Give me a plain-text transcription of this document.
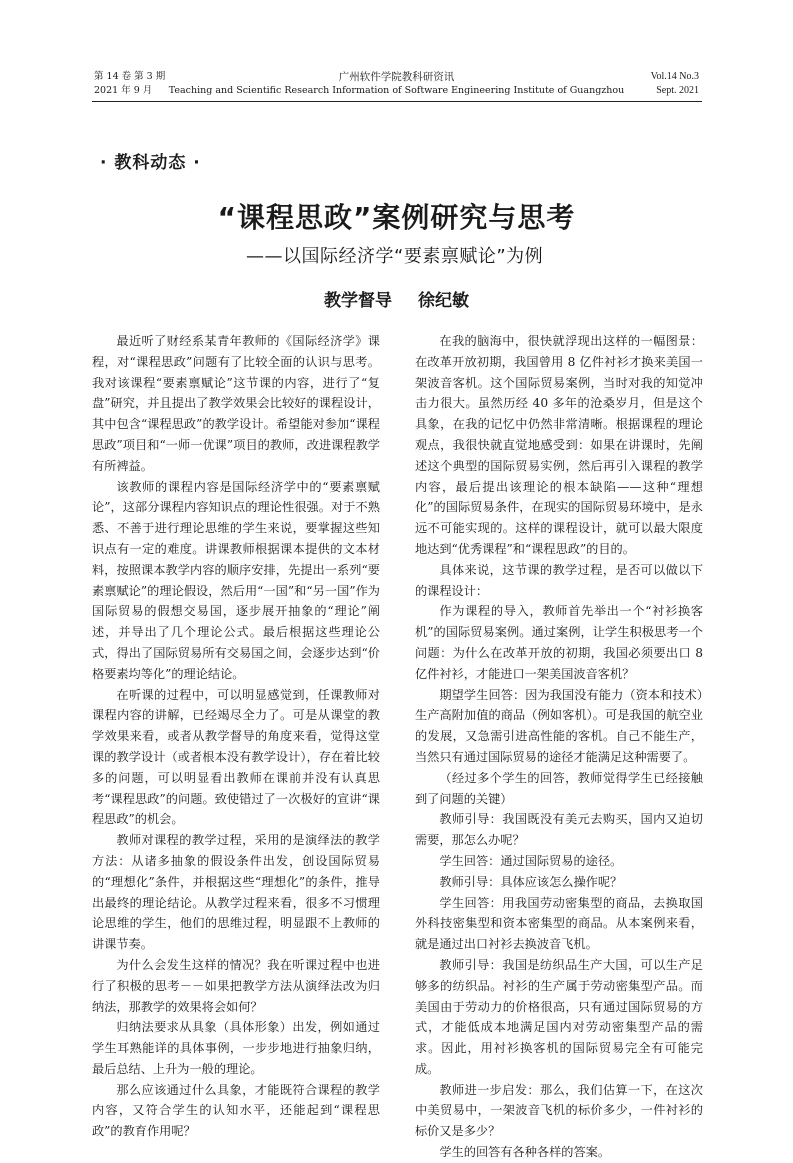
第 14 卷 第 3 期
2021 年 9 月
广州软件学院教科研资讯
Teaching and Scientific Research Information of Software Engineering Institute of Guangzhou
Vol.14 No.3
Sept. 2021
· 教科动态 ·
“课程思政”案例研究与思考
——以国际经济学“要素禀赋论”为例
教学督导 徐纪敏

最近听了财经系某青年教师的《国际经济学》课程，对“课程思政”问题有了比较全面的认识与思考。我对该课程“要素禀赋论”这节课的内容，进行了“复盘”研究，并且提出了教学效果会比较好的课程设计，其中包含“课程思政”的教学设计。希望能对参加“课程思政”项目和“一师一优课”项目的教师，改进课程教学有所裨益。

该教师的课程内容是国际经济学中的“要素禀赋论”，这部分课程内容知识点的理论性很强。对于不熟悉、不善于进行理论思维的学生来说，要掌握这些知识点有一定的难度。讲课教师根据课本提供的文本材料，按照课本教学内容的顺序安排，先提出一系列“要素禀赋论”的理论假设，然后用“一国”和“另一国”作为国际贸易的假想交易国，逐步展开抽象的“理论”阐述，并导出了几个理论公式。最后根据这些理论公式，得出了国际贸易所有交易国之间，会逐步达到“价格要素均等化”的理论结论。

在听课的过程中，可以明显感觉到，任课教师对课程内容的讲解，已经竭尽全力了。可是从课堂的教学效果来看，或者从教学督导的角度来看，觉得这堂课的教学设计（或者根本没有教学设计），存在着比较多的问题，可以明显看出教师在课前并没有认真思考“课程思政”的问题。致使错过了一次极好的宣讲“课程思政”的机会。

教师对课程的教学过程，采用的是演绎法的教学方法：从诸多抽象的假设条件出发，创设国际贸易的“理想化”条件，并根据这些“理想化”的条件，推导出最终的理论结论。从教学过程来看，很多不习惯理论思维的学生，他们的思维过程，明显跟不上教师的讲课节奏。

为什么会发生这样的情况？我在听课过程中也进行了积极的思考－－如果把教学方法从演绎法改为归纳法，那教学的效果将会如何？

归纳法要求从具象（具体形象）出发，例如通过学生耳熟能详的具体事例，一步步地进行抽象归纳，最后总结、上升为一般的理论。

那么应该通过什么具象，才能既符合课程的教学内容，又符合学生的认知水平，还能起到“课程思政”的教育作用呢？

在我的脑海中，很快就浮现出这样的一幅图景：在改革开放初期，我国曾用 8 亿件衬衫才换来美国一架波音客机。这个国际贸易案例，当时对我的知觉冲击力很大。虽然历经 40 多年的沧桑岁月，但是这个具象，在我的记忆中仍然非常清晰。根据课程的理论观点，我很快就直觉地感受到：如果在讲课时，先阐述这个典型的国际贸易实例，然后再引入课程的教学内容，最后提出该理论的根本缺陷——这种“理想化”的国际贸易条件，在现实的国际贸易环境中，是永远不可能实现的。这样的课程设计，就可以最大限度地达到“优秀课程”和“课程思政”的目的。

具体来说，这节课的教学过程，是否可以做以下的课程设计：

作为课程的导入，教师首先举出一个“衬衫换客机”的国际贸易案例。通过案例，让学生积极思考一个问题：为什么在改革开放的初期，我国必须要出口 8 亿件衬衫，才能进口一架美国波音客机？

期望学生回答：因为我国没有能力（资本和技术）生产高附加值的商品（例如客机）。可是我国的航空业的发展，又急需引进高性能的客机。自己不能生产，当然只有通过国际贸易的途径才能满足这种需要了。

（经过多个学生的回答，教师觉得学生已经接触到了问题的关键）

教师引导：我国既没有美元去购买，国内又迫切需要，那怎么办呢？

学生回答：通过国际贸易的途径。

教师引导：具体应该怎么操作呢？

学生回答：用我国劳动密集型的商品，去换取国外科技密集型和资本密集型的商品。从本案例来看，就是通过出口衬衫去换波音飞机。

教师引导：我国是纺织品生产大国，可以生产足够多的纺织品。衬衫的生产属于劳动密集型产品。而美国由于劳动力的价格很高，只有通过国际贸易的方式，才能低成本地满足国内对劳动密集型产品的需求。因此，用衬衫换客机的国际贸易完全有可能完成。

教师进一步启发：那么，我们估算一下，在这次中美贸易中，一架波音飞机的标价多少，一件衬衫的标价又是多少？

学生的回答有各种各样的答案。
